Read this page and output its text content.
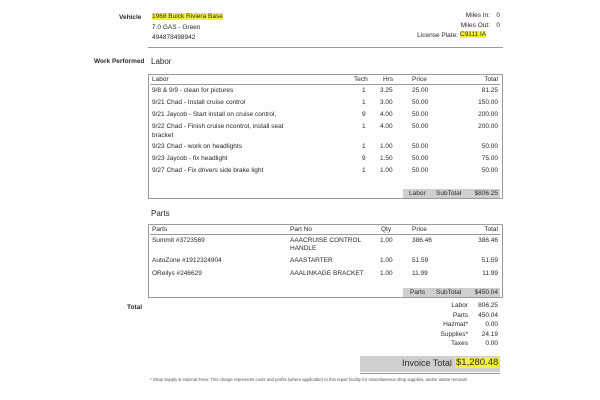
Vehicle 1968 Buick Riviera Base
7.0 GAS - Green
494878498942
Miles In: 0
Miles Out: 0
License Plate: C9111 IA
Work Performed Labor
Labor	Tech Hrs	Price	Total
9/8 & 9/9 - clean for pictures	1 3.25	25.00	81.25
9/21 Chad - Install cruise control	1 3.00	50.00	150.00
9/21 Jaycob - Start install on cruise control,	9 4.00	50.00	200.00
9/22 Chad - Finish cruise ncontrol, install seat
bracket
1 4.00	50.00	200.00
9/23 Chad - work on headlights	1 1.00	50.00	50.00
9/23 Jaycob - fix headlight	9 1.50	50.00	75.00
9/27 Chad - Fix drivers side brake light	1 1.00	50.00	50.00
Labor SubTotal $806.25
Parts
Parts	Part No	Qty	Price	Total
Summit #3723569	AAACRUISE CONTROL
HANDLE
1.00	386.46	386.46
AutoZone #1912324904	AAASTARTER	1.00	51.59	51.59
OReilys #246629	AAALINKAGE BRACKET	1.00	11.99	11.99
Parts SubTotal $450.04
Total	Labor 806.25
Parts 450.04
Hazmat*	0.00
Supplies* 24.19
Taxes	0.00
Invoice Total $1,280.48
* Shop Supply & Hazmat Fees: This charge represents costs and profits (where applicable) to this repair facility for miscellaneous shop supplies, and/or waste removal
